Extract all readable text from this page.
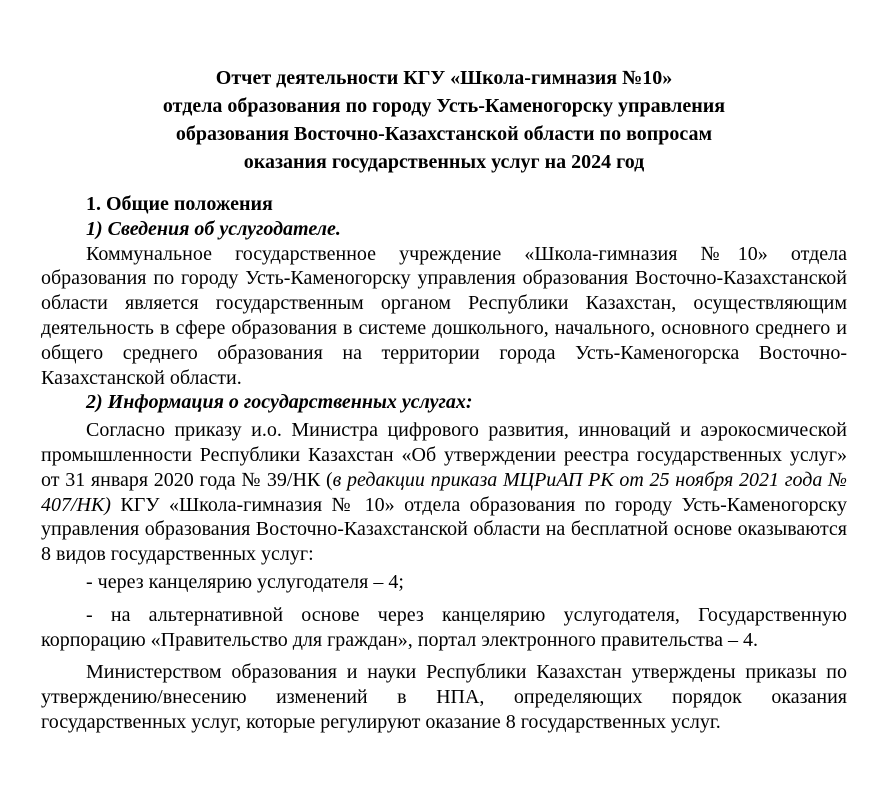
Отчет деятельности КГУ «Школа-гимназия №10»
отдела образования по городу Усть-Каменогорску управления
образования Восточно-Казахстанской области по вопросам
оказания государственных услуг на 2024 год
1. Общие положения
1) Сведения об услугодателе.

Коммунальное государственное учреждение «Школа-гимназия №10» отдела образования по городу Усть-Каменогорску управления образования Восточно-Казахстанской области является государственным органом Республики Казахстан, осуществляющим деятельность в сфере образования в системе дошкольного, начального, основного среднего и общего среднего образования на территории города Усть-Каменогорска Восточно-Казахстанской области.

2) Информация о государственных услугах:

Согласно приказу и.о. Министра цифрового развития, инноваций и аэрокосмической промышленности Республики Казахстан «Об утверждении реестра государственных услуг» от 31 января 2020 года № 39/НК (в редакции приказа МЦРиАП РК от 25 ноября 2021 года № 407/НК) КГУ «Школа-гимназия № 10» отдела образования по городу Усть-Каменогорску управления образования Восточно-Казахстанской области на бесплатной основе оказываются 8 видов государственных услуг:

- через канцелярию услугодателя – 4;

- на альтернативной основе через канцелярию услугодателя, Государственную корпорацию «Правительство для граждан», портал электронного правительства – 4.

Министерством образования и науки Республики Казахстан утверждены приказы по утверждению/внесению изменений в НПА, определяющих порядок оказания государственных услуг, которые регулируют оказание 8 государственных услуг.
